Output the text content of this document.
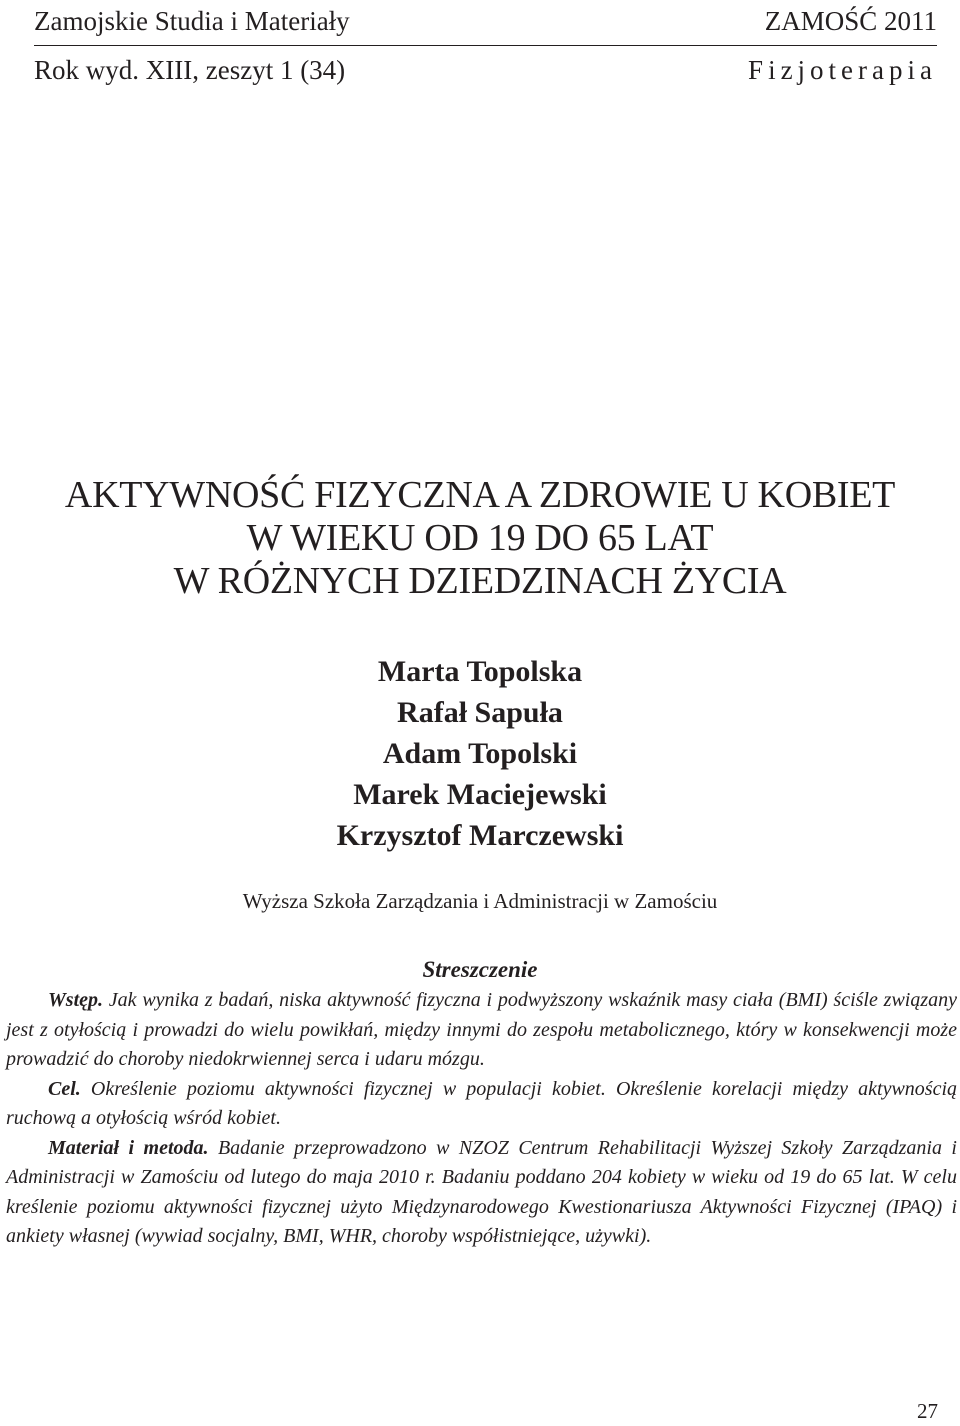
Zamojskie Studia i Materiały	ZAMOŚĆ 2011
Rok wyd. XIII, zeszyt 1 (34)	Fizjoterapia
AKTYWNOŚĆ FIZYCZNA A ZDROWIE U KOBIET
W WIEKU OD 19 DO 65 LAT
W RÓŻNYCH DZIEDZINACH ŻYCIA
Marta Topolska
Rafał Sapuła
Adam Topolski
Marek Maciejewski
Krzysztof Marczewski
Wyższa Szkoła Zarządzania i Administracji w Zamościu
Streszczenie

Wstęp. Jak wynika z badań, niska aktywność fizyczna i podwyższony wskaźnik masy ciała (BMI) ściśle związany jest z otyłością i prowadzi do wielu powikłań, między innymi do zespołu metabolicznego, który w konsekwencji może prowadzić do choroby niedokrwiennej serca i udaru mózgu.

Cel. Określenie poziomu aktywności fizycznej w populacji kobiet. Określenie korelacji między aktywnością ruchową a otyłością wśród kobiet.

Materiał i metoda. Badanie przeprowadzono w NZOZ Centrum Rehabilitacji Wyższej Szkoły Zarządzania i Administracji w Zamościu od lutego do maja 2010 r. Badaniu poddano 204 kobiety w wieku od 19 do 65 lat. W celu kreślenie poziomu aktywności fizycznej użyto Międzynarodowego Kwestionariusza Aktywności Fizycznej (IPAQ) i ankiety własnej (wywiad socjalny, BMI, WHR, choroby współistniejące, używki).

27
